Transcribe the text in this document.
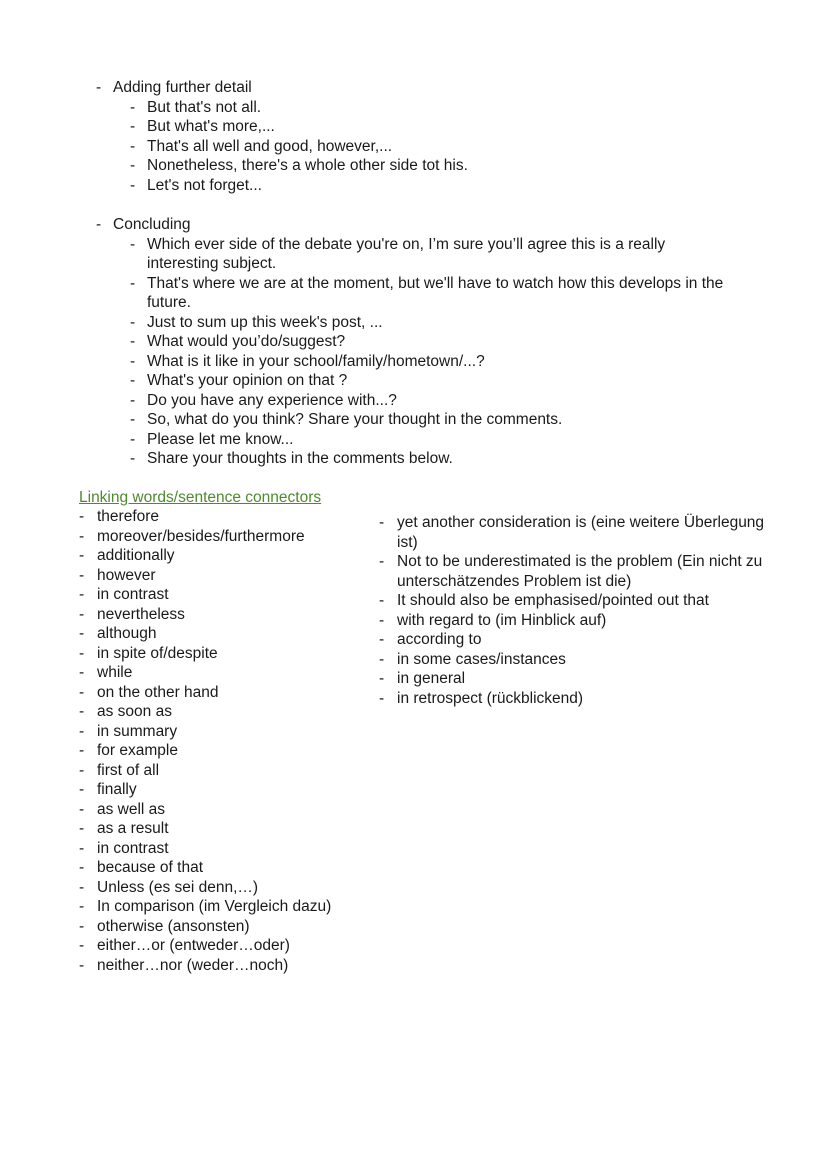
- Adding further detail
- But that's not all.
- But what's more,...
- That's all well and good, however,...
- Nonetheless, there's a whole other side tot his.
- Let's not forget...
- Concluding
- Which ever side of the debate you're on, I’m sure you’ll agree this is a really interesting subject.
- That's where we are at the moment, but we'll have to watch how this develops in the future.
- Just to sum up this week's post, ...
- What would you’do/suggest?
- What is it like in your school/family/hometown/...?
- What's your opinion on that ?
- Do you have any experience with...?
- So, what do you think? Share your thought in the comments.
- Please let me know...
- Share your thoughts in the comments below.
Linking words/sentence connectors
- therefore
- moreover/besides/furthermore
- additionally
- however
- in contrast
- nevertheless
- although
- in spite of/despite
- while
- on the other hand
- as soon as
- in summary
- for example
- first of all
- finally
- as well as
- as a result
- in contrast
- because of that
- Unless (es sei denn,…)
- In comparison (im Vergleich dazu)
- otherwise (ansonsten)
- either…or (entweder…oder)
- neither…nor (weder…noch)
- yet another consideration is (eine weitere Überlegung ist)
- Not to be underestimated is the problem (Ein nicht zu unterschätzendes Problem ist die)
- It should also be emphasised/pointed out that
- with regard to (im Hinblick auf)
- according to
- in some cases/instances
- in general
- in retrospect (rückblickend)
